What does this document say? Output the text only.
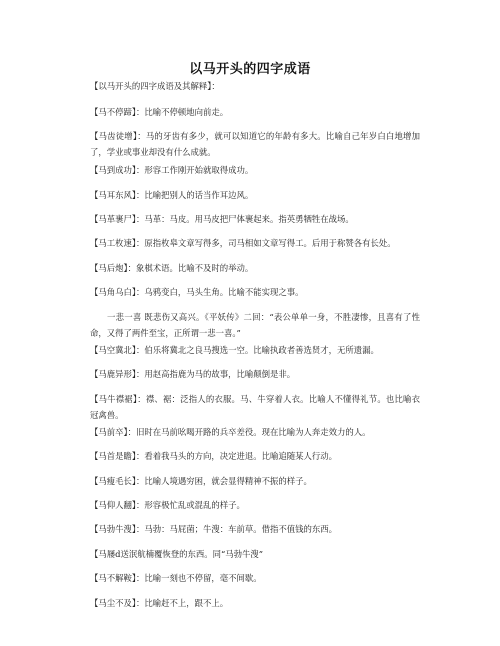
以马开头的四字成语

【以马开头的四字成语及其解释】：

【马不停蹄】：比喻不停顿地向前走。

【马齿徒增】：马的牙齿有多少，就可以知道它的年龄有多大。比喻自己年岁白白地增加了，学业或事业却没有什么成就。

【马到成功】：形容工作刚开始就取得成功。

【马耳东风】：比喻把别人的话当作耳边风。

【马革裹尸】：马革：马皮。用马皮把尸体裹起来。指英勇牺牲在战场。

【马工枚速】：原指枚皋文章写得多，司马相如文章写得工。后用于称赞各有长处。

【马后炮】：象棋术语。比喻不及时的举动。

【马角乌白】：乌鸦变白，马头生角。比喻不能实现之事。

一悲一喜 既悲伤又高兴。《平妖传》二回：“表公单单一身，不胜凄惨，且喜有了性命，又得了两件至宝，正所谓一悲一喜。”

【马空冀北】：伯乐将冀北之良马搜选一空。比喻执政者善选贤才，无所遗漏。

【马鹿异形】：用赵高指鹿为马的故事，比喻颠倒是非。

【马牛襟裾】：襟、裾：泛指人的衣服。马、牛穿着人衣。比喻人不懂得礼节。也比喻衣冠禽兽。

【马前卒】：旧时在马前吆喝开路的兵卒差役。现在比喻为人奔走效力的人。

【马首是瞻】：看着我马头的方向，决定进退。比喻追随某人行动。

【马瘦毛长】：比喻人境遇穷困，就会显得精神不振的样子。

【马仰人翻】：形容极忙乱或混乱的样子。

【马勃牛溲】：马勃：马屁菌；牛溲：车前草。借指不值钱的东西。

【马屦d送泯航楠覆恢登的东西。同“马勃牛溲”

【马不解鞍】：比喻一刻也不停留，毫不间歇。

【马尘不及】：比喻赶不上，跟不上。
